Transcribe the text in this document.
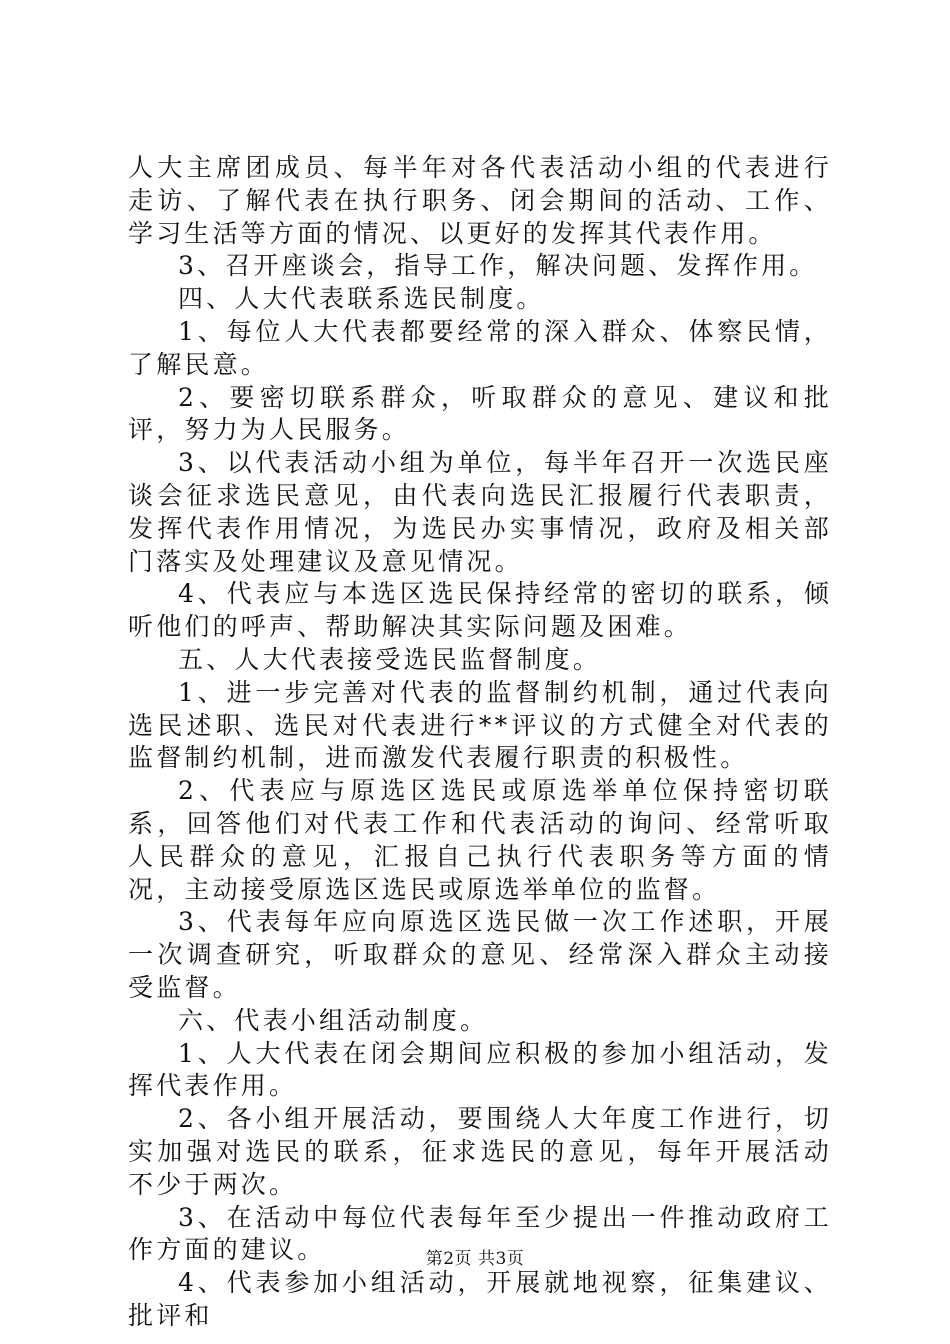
人大主席团成员、每半年对各代表活动小组的代表进行走访、了解代表在执行职务、闭会期间的活动、工作、学习生活等方面的情况、以更好的发挥其代表作用。

3、召开座谈会，指导工作，解决问题、发挥作用。

四、人大代表联系选民制度。

1、每位人大代表都要经常的深入群众、体察民情，了解民意。

2、要密切联系群众，听取群众的意见、建议和批评，努力为人民服务。

3、以代表活动小组为单位，每半年召开一次选民座谈会征求选民意见，由代表向选民汇报履行代表职责，发挥代表作用情况，为选民办实事情况，政府及相关部门落实及处理建议及意见情况。

4、代表应与本选区选民保持经常的密切的联系，倾听他们的呼声、帮助解决其实际问题及困难。

五、人大代表接受选民监督制度。

1、进一步完善对代表的监督制约机制，通过代表向选民述职、选民对代表进行**评议的方式健全对代表的监督制约机制，进而激发代表履行职责的积极性。

2、代表应与原选区选民或原选举单位保持密切联系，回答他们对代表工作和代表活动的询问、经常听取人民群众的意见，汇报自己执行代表职务等方面的情况，主动接受原选区选民或原选举单位的监督。

3、代表每年应向原选区选民做一次工作述职，开展一次调查研究，听取群众的意见、经常深入群众主动接受监督。

六、代表小组活动制度。

1、人大代表在闭会期间应积极的参加小组活动，发挥代表作用。

2、各小组开展活动，要围绕人大年度工作进行，切实加强对选民的联系，征求选民的意见，每年开展活动不少于两次。

3、在活动中每位代表每年至少提出一件推动政府工作方面的建议。

4、代表参加小组活动，开展就地视察，征集建议、批评和

第2页 共3页
